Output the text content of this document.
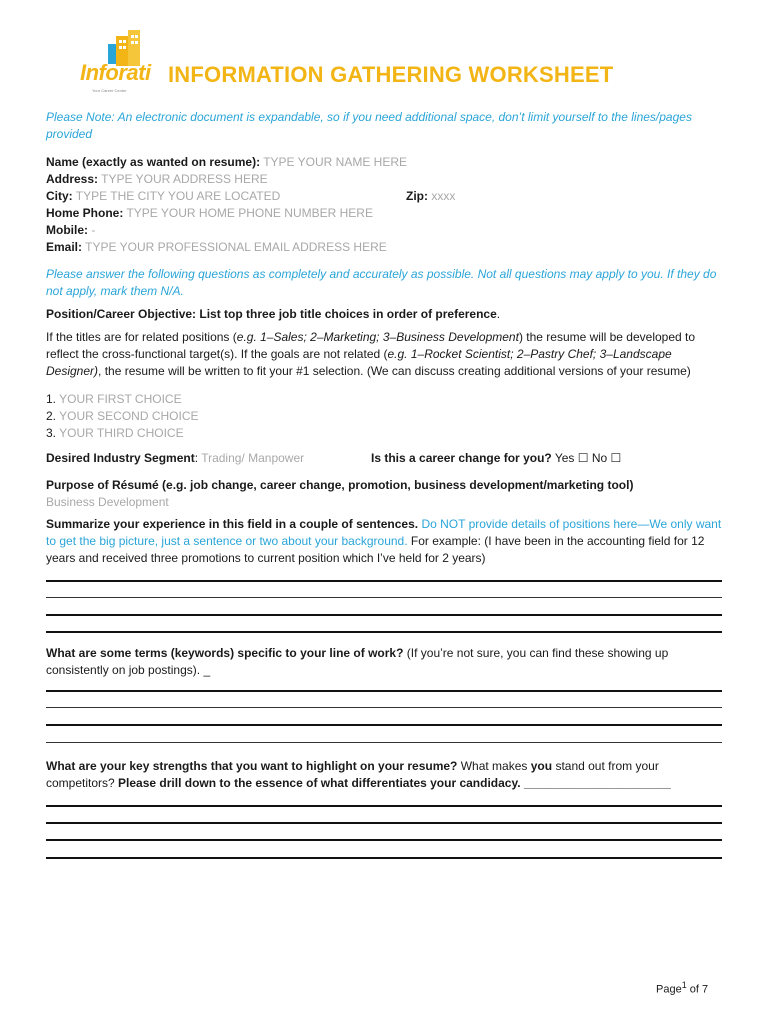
Inforati
Your Career Center
INFORMATION GATHERING WORKSHEET
Please Note: An electronic document is expandable, so if you need additional space, don’t limit yourself to the lines/pages provided
Name (exactly as wanted on resume): TYPE YOUR NAME HERE
Address: TYPE YOUR ADDRESS HERE
City: TYPE THE CITY YOU ARE LOCATED	Zip: xxxx
Home Phone: TYPE YOUR HOME PHONE NUMBER HERE
Mobile: -
Email: TYPE YOUR PROFESSIONAL EMAIL ADDRESS HERE
Please answer the following questions as completely and accurately as possible. Not all questions may apply to you. If they do not apply, mark them N/A.
Position/Career Objective: List top three job title choices in order of preference.
If the titles are for related positions (e.g. 1–Sales; 2–Marketing; 3–Business Development) the resume will be developed to reflect the cross-functional target(s). If the goals are not related (e.g. 1–Rocket Scientist; 2–Pastry Chef; 3–Landscape Designer), the resume will be written to fit your #1 selection. (We can discuss creating additional versions of your resume)
1. YOUR FIRST CHOICE
2. YOUR SECOND CHOICE
3. YOUR THIRD CHOICE
Desired Industry Segment: Trading/ Manpower	Is this a career change for you? Yes ☐ No ☐
Purpose of Résumé (e.g. job change, career change, promotion, business development/marketing tool)
Business Development
Summarize your experience in this field in a couple of sentences. Do NOT provide details of positions here—We only want to get the big picture, just a sentence or two about your background. For example: (I have been in the accounting field for 12 years and received three promotions to current position which I’ve held for 2 years)
What are some terms (keywords) specific to your line of work? (If you’re not sure, you can find these showing up consistently on job postings). _
What are your key strengths that you want to highlight on your resume? What makes you stand out from your competitors? Please drill down to the essence of what differentiates your candidacy. ______________________
Page$^1$ of 7
